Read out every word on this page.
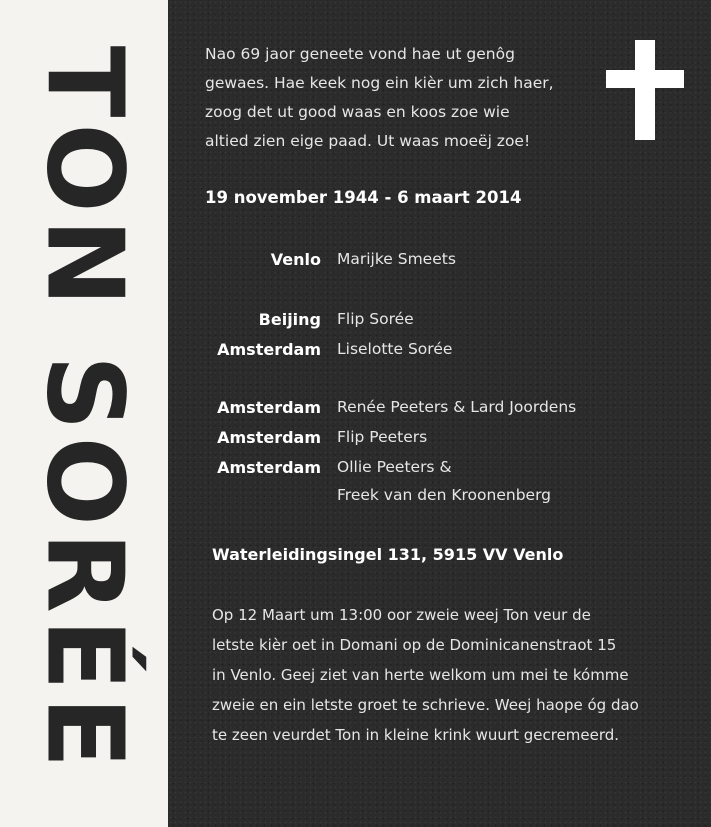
TON SORÉE	Nao 69 jaor geneete vond hae ut genôg
gewaes. Hae keek nog ein kièr um zich haer,
zoog det ut good waas en koos zoe wie
altied zien eige paad. Ut waas moeëj zoe!
19 november 1944 - 6 maart 2014
Venlo Marijke Smeets
Beijing Flip Sorée
Amsterdam Liselotte Sorée
Amsterdam Renée Peeters & Lard Joordens
Amsterdam Flip Peeters
Amsterdam Ollie Peeters &
Freek van den Kroonenberg
Waterleidingsingel 131, 5915 VV Venlo
Op 12 Maart um 13:00 oor zweie weej Ton veur de
letste kièr oet in Domani op de Dominicanenstraot 15
in Venlo. Geej ziet van herte welkom um mei te kómme
zweie en ein letste groet te schrieve. Weej haope óg dao
te zeen veurdet Ton in kleine krink wuurt gecremeerd.
